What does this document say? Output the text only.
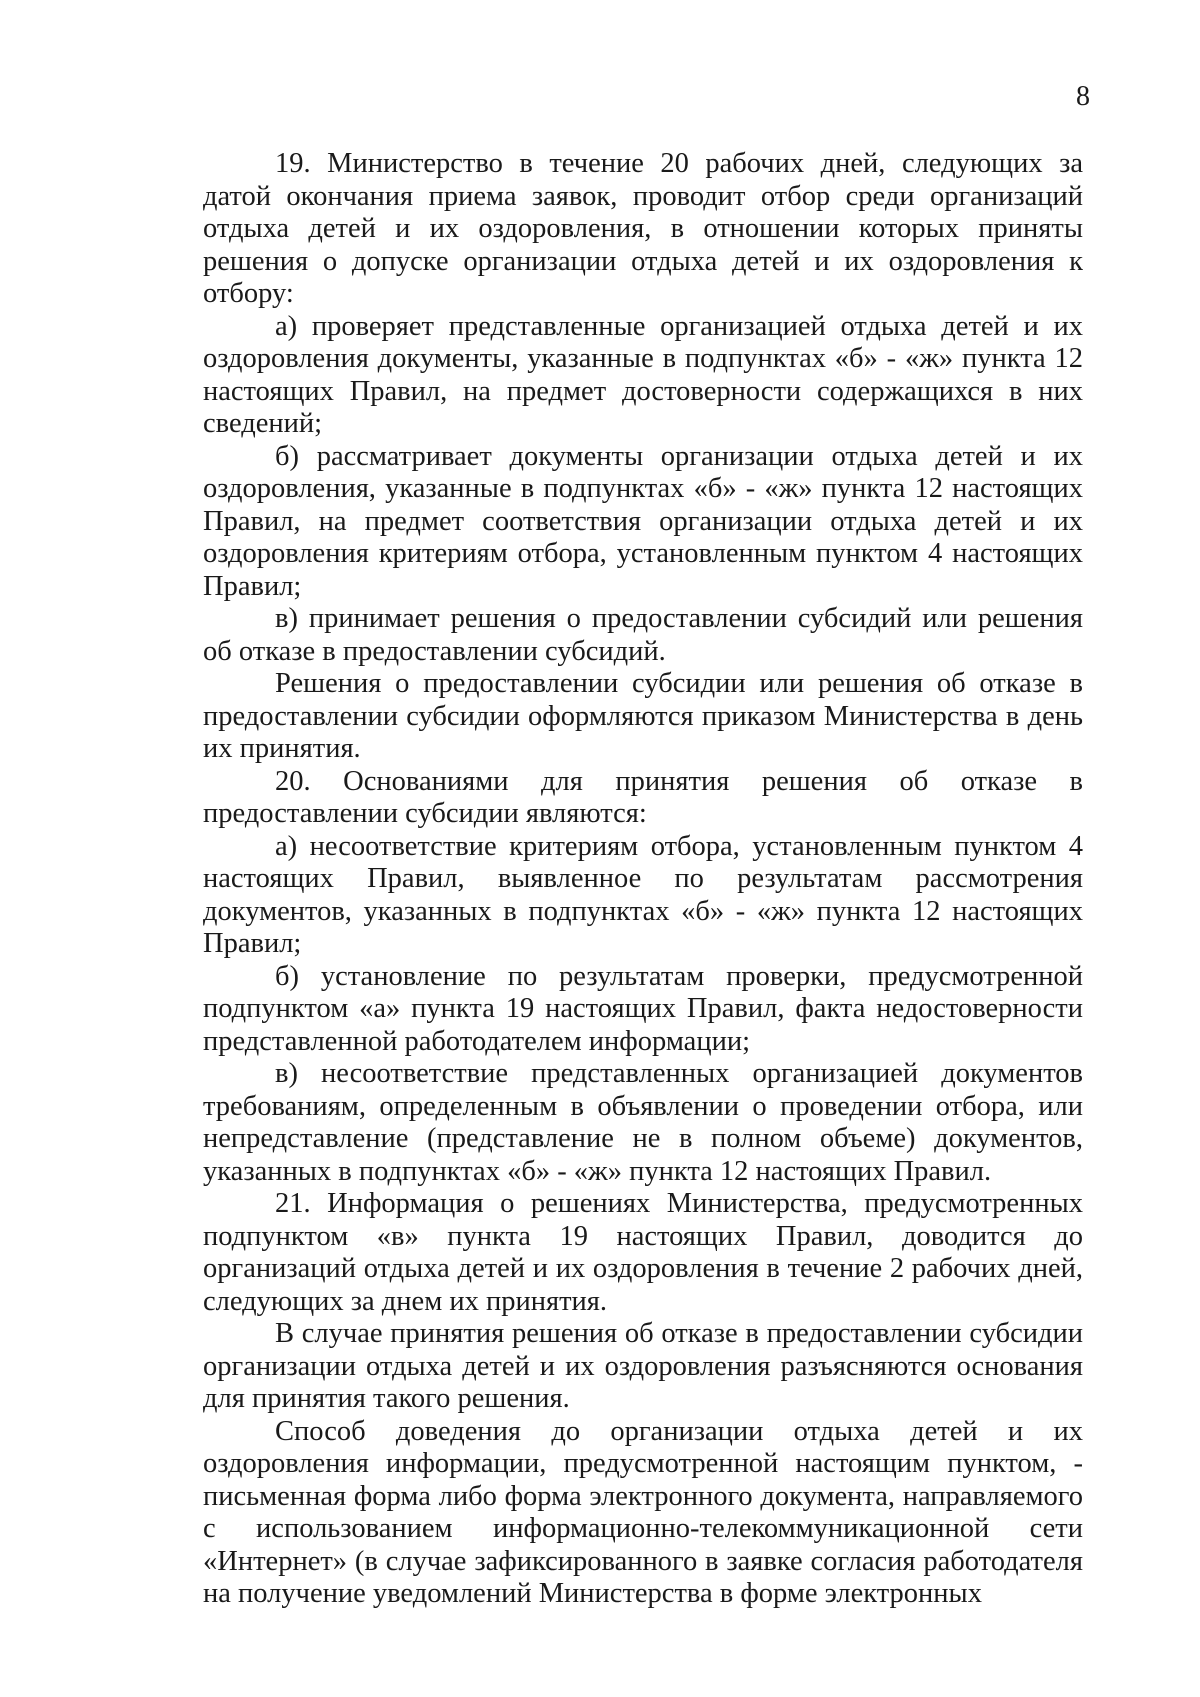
8

19. Министерство в течение 20 рабочих дней, следующих за датой окончания приема заявок, проводит отбор среди организаций отдыха детей и их оздоровления, в отношении которых приняты решения о допуске организации отдыха детей и их оздоровления к отбору:

а) проверяет представленные организацией отдыха детей и их оздоровления документы, указанные в подпунктах «б» - «ж» пункта 12 настоящих Правил, на предмет достоверности содержащихся в них сведений;

б) рассматривает документы организации отдыха детей и их оздоровления, указанные в подпунктах «б» - «ж» пункта 12 настоящих Правил, на предмет соответствия организации отдыха детей и их оздоровления критериям отбора, установленным пунктом 4 настоящих Правил;

в) принимает решения о предоставлении субсидий или решения об отказе в предоставлении субсидий.

Решения о предоставлении субсидии или решения об отказе в предоставлении субсидии оформляются приказом Министерства в день их принятия.

20. Основаниями для принятия решения об отказе в предоставлении субсидии являются:

а) несоответствие критериям отбора, установленным пунктом 4 настоящих Правил, выявленное по результатам рассмотрения документов, указанных в подпунктах «б» - «ж» пункта 12 настоящих Правил;

б) установление по результатам проверки, предусмотренной подпунктом «а» пункта 19 настоящих Правил, факта недостоверности представленной работодателем информации;

в) несоответствие представленных организацией документов требованиям, определенным в объявлении о проведении отбора, или непредставление (представление не в полном объеме) документов, указанных в подпунктах «б» - «ж» пункта 12 настоящих Правил.

21. Информация о решениях Министерства, предусмотренных подпунктом «в» пункта 19 настоящих Правил, доводится до организаций отдыха детей и их оздоровления в течение 2 рабочих дней, следующих за днем их принятия.

В случае принятия решения об отказе в предоставлении субсидии организации отдыха детей и их оздоровления разъясняются основания для принятия такого решения.

Способ доведения до организации отдыха детей и их оздоровления информации, предусмотренной настоящим пунктом, - письменная форма либо форма электронного документа, направляемого с использованием информационно-телекоммуникационной сети «Интернет» (в случае зафиксированного в заявке согласия работодателя на получение уведомлений Министерства в форме электронных
